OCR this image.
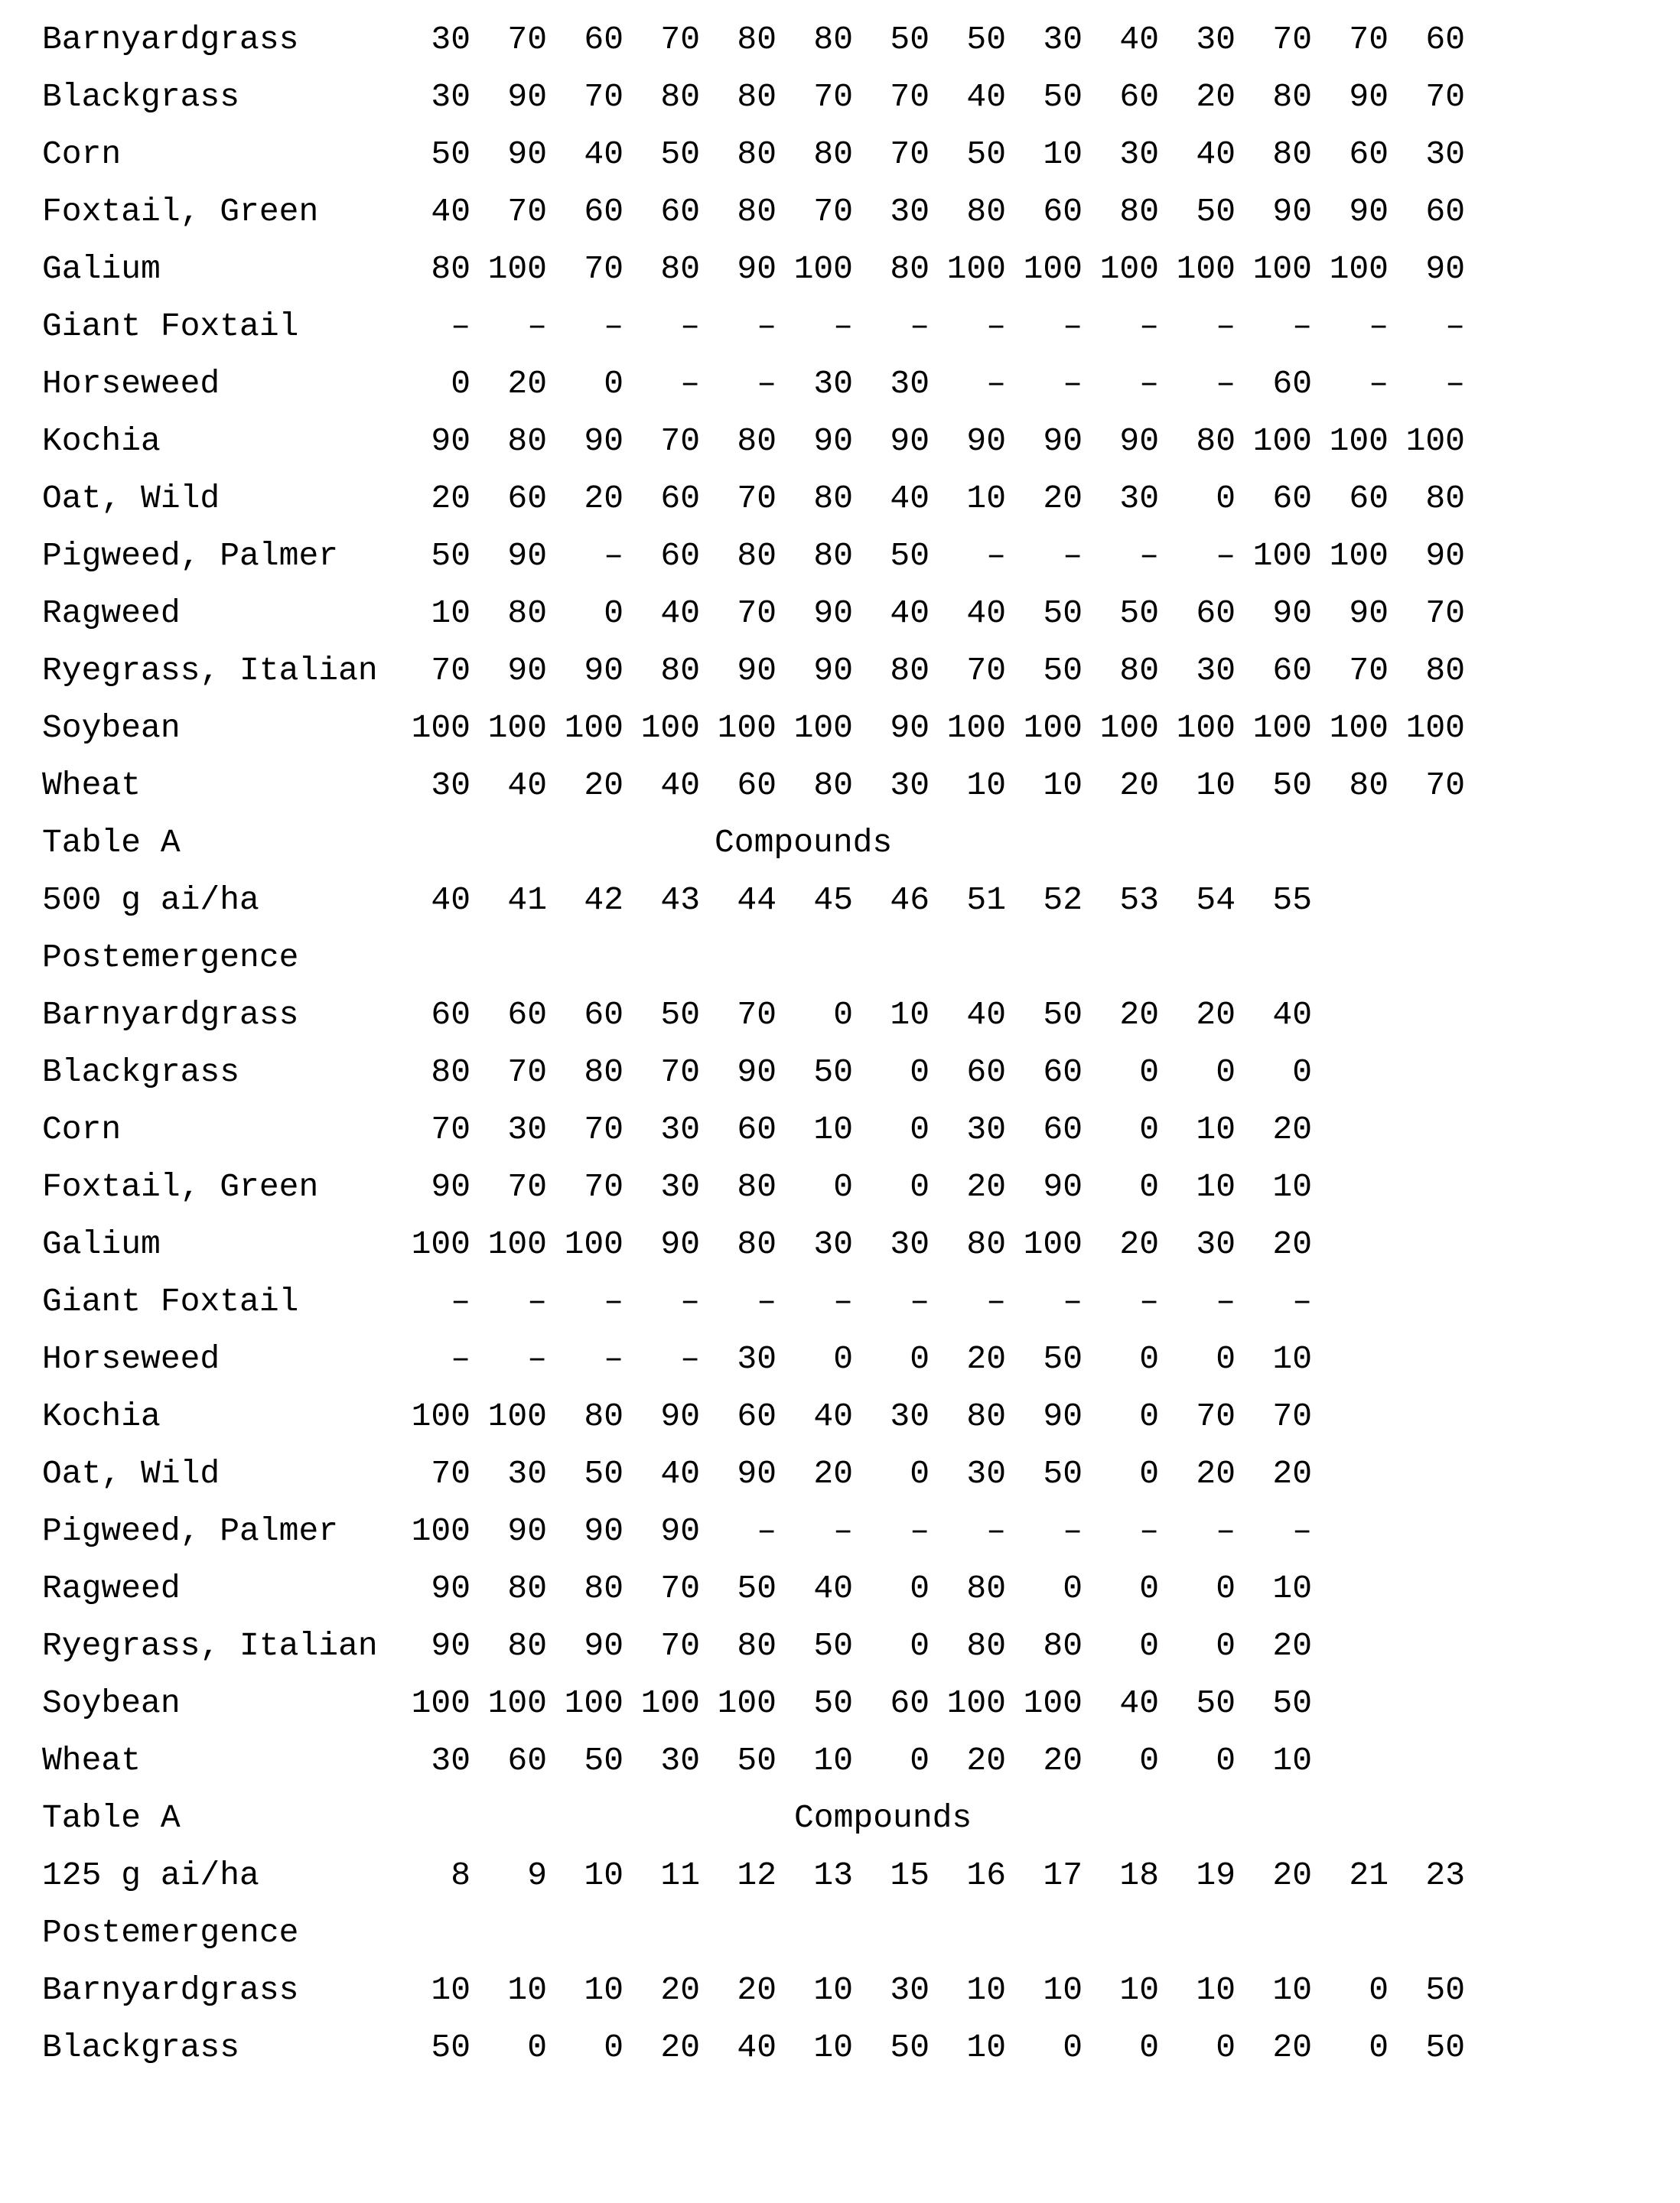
Barnyardgrass	30	70	60	70	80	80	50	50	30	40	30	70	70	60
Blackgrass	30	90	70	80	80	70	70	40	50	60	20	80	90	70
Corn	50	90	40	50	80	80	70	50	10	30	40	80	60	30
Foxtail, Green	40	70	60	60	80	70	30	80	60	80	50	90	90	60
Galium	80 100	70	80	90 100	80 100 100 100 100 100 100	90
Giant Foxtail	–	–	–	–	–	–	–	–	–	–	–	–	–	–
Horseweed	0	20	0	–	–	30	30	–	–	–	–	60	–	–
Kochia	90	80	90	70	80	90	90	90	90	90	80 100 100 100
Oat, Wild	20	60	20	60	70	80	40	10	20	30	0	60	60	80
Pigweed, Palmer	50	90	–	60	80	80	50	–	–	–	– 100 100	90
Ragweed	10	80	0	40	70	90	40	40	50	50	60	90	90	70
Ryegrass, Italian	70	90	90	80	90	90	80	70	50	80	30	60	70	80
Soybean	100 100 100 100 100 100	90 100 100 100 100 100 100 100
Wheat	30	40	20	40	60	80	30	10	10	20	10	50	80	70
Table A	Compounds
500 g ai/ha	40	41	42	43	44	45	46	51	52	53	54	55
Postemergence
Barnyardgrass	60	60	60	50	70	0	10	40	50	20	20	40
Blackgrass	80	70	80	70	90	50	0	60	60	0	0	0
Corn	70	30	70	30	60	10	0	30	60	0	10	20
Foxtail, Green	90	70	70	30	80	0	0	20	90	0	10	10
Galium	100 100 100	90	80	30	30	80 100	20	30	20
Giant Foxtail	–	–	–	–	–	–	–	–	–	–	–	–
Horseweed	–	–	–	–	30	0	0	20	50	0	0	10
Kochia	100 100	80	90	60	40	30	80	90	0	70	70
Oat, Wild	70	30	50	40	90	20	0	30	50	0	20	20
Pigweed, Palmer	100	90	90	90	–	–	–	–	–	–	–	–
Ragweed	90	80	80	70	50	40	0	80	0	0	0	10
Ryegrass, Italian	90	80	90	70	80	50	0	80	80	0	0	20
Soybean	100 100 100 100 100	50	60 100 100	40	50	50
Wheat	30	60	50	30	50	10	0	20	20	0	0	10
Table A	Compounds
125 g ai/ha	8	9	10	11	12	13	15	16	17	18	19	20	21	23
Postemergence
Barnyardgrass	10	10	10	20	20	10	30	10	10	10	10	10	0	50
Blackgrass	50	0	0	20	40	10	50	10	0	0	0	20	0	50
